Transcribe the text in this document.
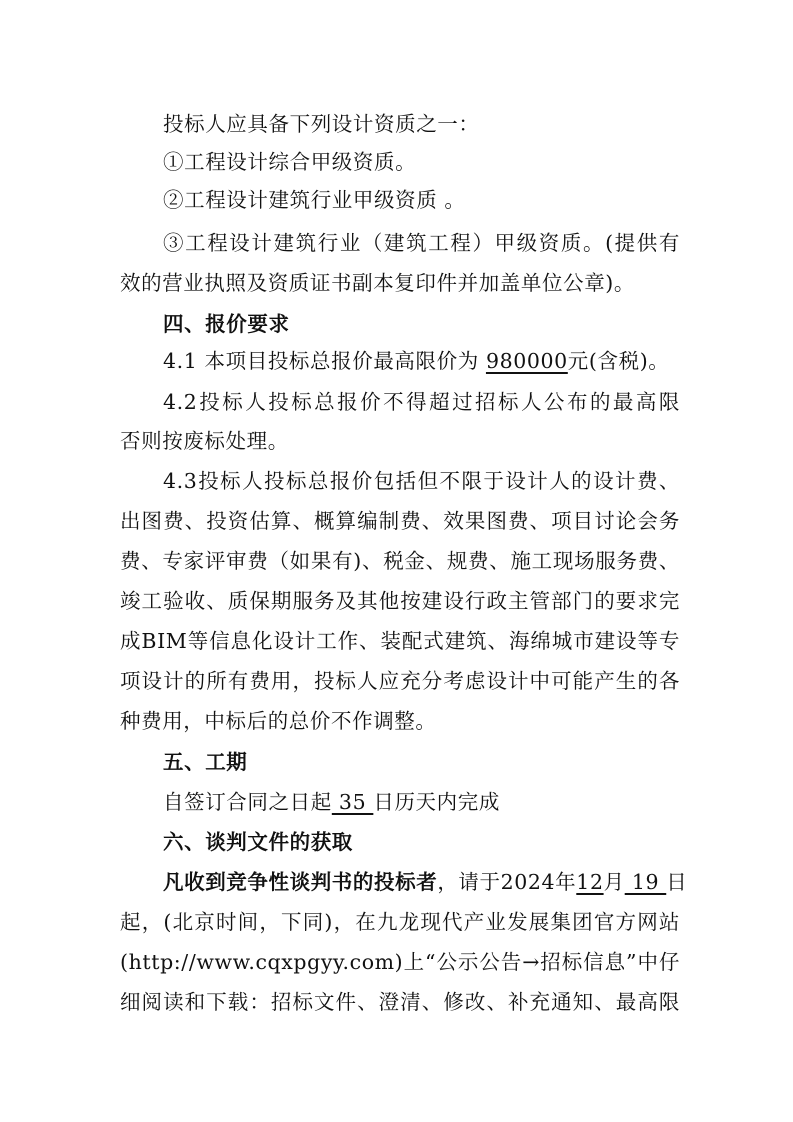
投标人应具备下列设计资质之一：
①工程设计综合甲级资质。
②工程设计建筑行业甲级资质 。
③工程设计建筑行业（建筑工程）甲级资质。(提供有
效的营业执照及资质证书副本复印件并加盖单位公章)。
四、报价要求
4.1 本项目投标总报价最高限价为 980000元(含税)。
4.2投标人投标总报价不得超过招标人公布的最高限
否则按废标处理。
4.3投标人投标总报价包括但不限于设计人的设计费、
出图费、投资估算、概算编制费、效果图费、项目讨论会务
费、专家评审费（如果有)、税金、规费、施工现场服务费、
竣工验收、质保期服务及其他按建设行政主管部门的要求完
成BIM等信息化设计工作、装配式建筑、海绵城市建设等专
项设计的所有费用，投标人应充分考虑设计中可能产生的各
种费用，中标后的总价不作调整。
五、工期
自签订合同之日起 35 日历天内完成
六、谈判文件的获取
凡收到竞争性谈判书的投标者，请于2024年12月 19 日
起，(北京时间，下同)，在九龙现代产业发展集团官方网站
(http://www.cqxpgyy.com)上“公示公告→招标信息”中仔
细阅读和下载：招标文件、澄清、修改、补充通知、最高限
